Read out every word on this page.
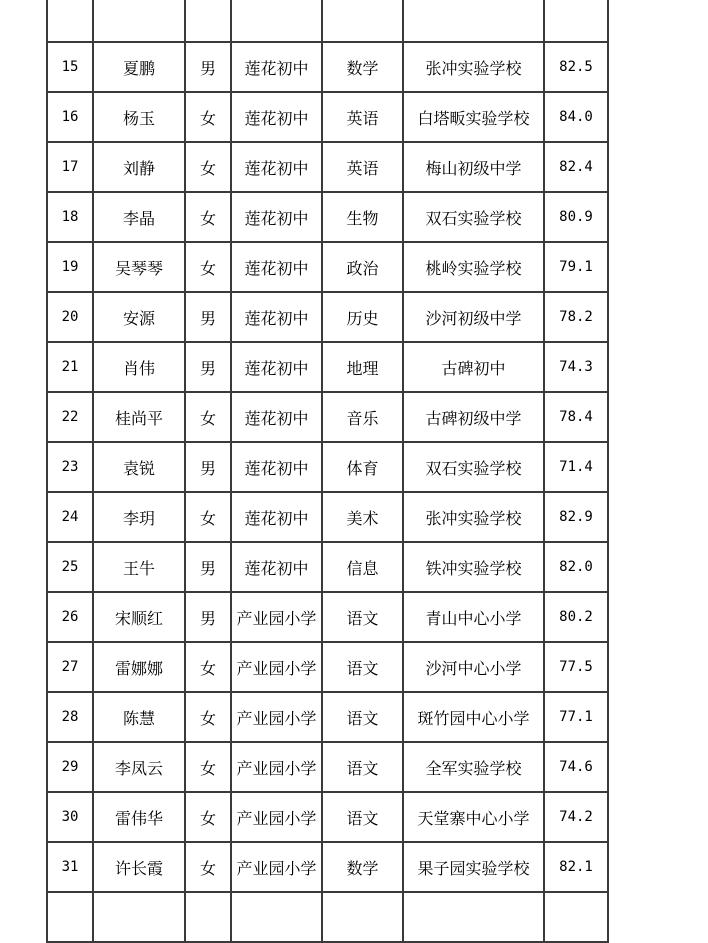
15	夏鹏	男	莲花初中	数学	张冲实验学校	82.5
16	杨玉	女	莲花初中	英语	白塔畈实验学校	84.0
17	刘静	女	莲花初中	英语	梅山初级中学	82.4
18	李晶	女	莲花初中	生物	双石实验学校	80.9
19	吴琴琴	女	莲花初中	政治	桃岭实验学校	79.1
20	安源	男	莲花初中	历史	沙河初级中学	78.2
21	肖伟	男	莲花初中	地理	古碑初中	74.3
22	桂尚平	女	莲花初中	音乐	古碑初级中学	78.4
23	袁锐	男	莲花初中	体育	双石实验学校	71.4
24	李玥	女	莲花初中	美术	张冲实验学校	82.9
25	王牛	男	莲花初中	信息	铁冲实验学校	82.0
26	宋顺红	男	产业园小学	语文	青山中心小学	80.2
27	雷娜娜	女	产业园小学	语文	沙河中心小学	77.5
28	陈慧	女	产业园小学	语文	斑竹园中心小学	77.1
29	李凤云	女	产业园小学	语文	全军实验学校	74.6
30	雷伟华	女	产业园小学	语文	天堂寨中心小学	74.2
31	许长霞	女	产业园小学	数学	果子园实验学校	82.1
